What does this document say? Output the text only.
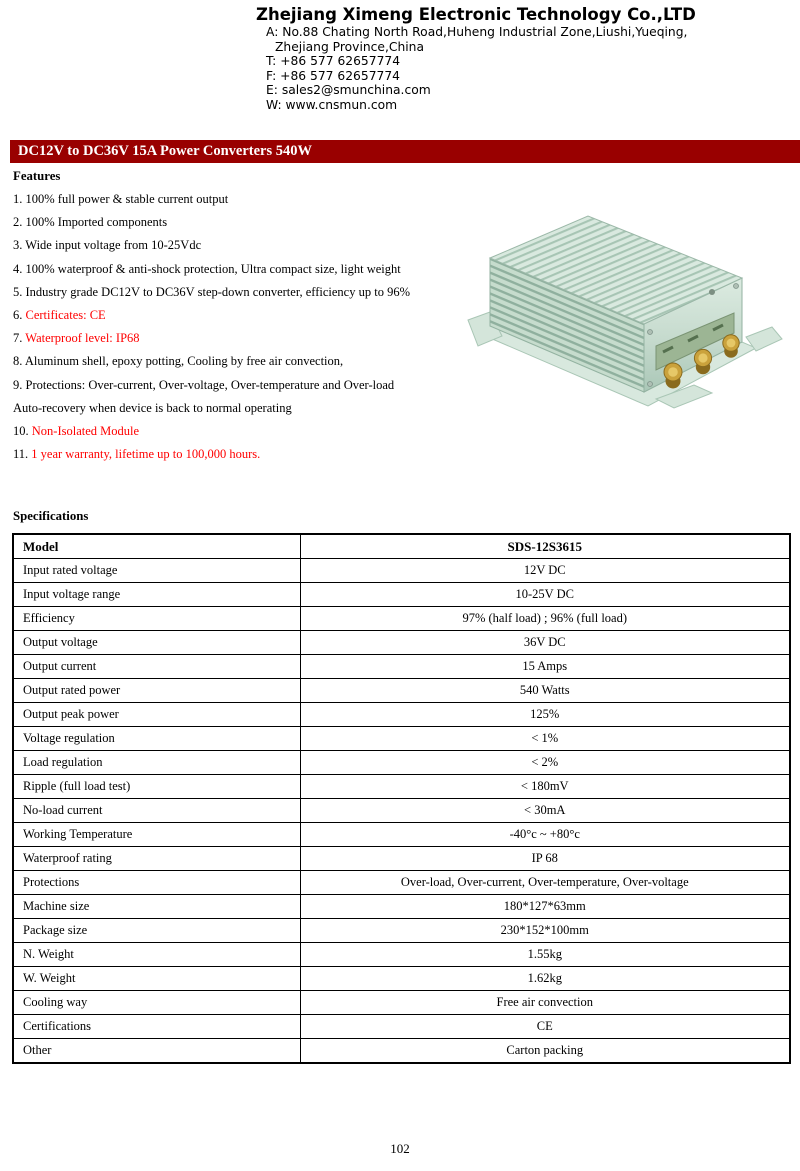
Zhejiang Ximeng Electronic Technology Co.,LTD
A: No.88 Chating North Road,Huheng Industrial Zone,Liushi,Yueqing,
Zhejiang Province,China
T: +86 577 62657774
F: +86 577 62657774
E: sales2@smunchina.com
W: www.cnsmun.com
DC12V to DC36V 15A Power Converters 540W
Features
1. 100% full power & stable current output
2. 100% Imported components
3. Wide input voltage from 10-25Vdc
4. 100% waterproof & anti-shock protection, Ultra compact size, light weight
5. Industry grade DC12V to DC36V step-down converter, efficiency up to 96%
6. Certificates: CE
7. Waterproof level: IP68
8. Aluminum shell, epoxy potting, Cooling by free air convection,
9. Protections: Over-current, Over-voltage, Over-temperature and Over-load
Auto-recovery when device is back to normal operating
10. Non-Isolated Module
11. 1 year warranty, lifetime up to 100,000 hours.
Specifications
Model	SDS-12S3615
Input rated voltage	12V DC
Input voltage range	10-25V DC
Efficiency	97% (half load) ; 96% (full load)
Output voltage	36V DC
Output current	15 Amps
Output rated power	540 Watts
Output peak power	125%
Voltage regulation	< 1%
Load regulation	< 2%
Ripple (full load test)	< 180mV
No-load current	< 30mA
Working Temperature	-40°c ~ +80°c
Waterproof rating	IP 68
Protections	Over-load, Over-current, Over-temperature, Over-voltage
Machine size	180*127*63mm
Package size	230*152*100mm
N. Weight	1.55kg
W. Weight	1.62kg
Cooling way	Free air convection
Certifications	CE
Other	Carton packing
102
